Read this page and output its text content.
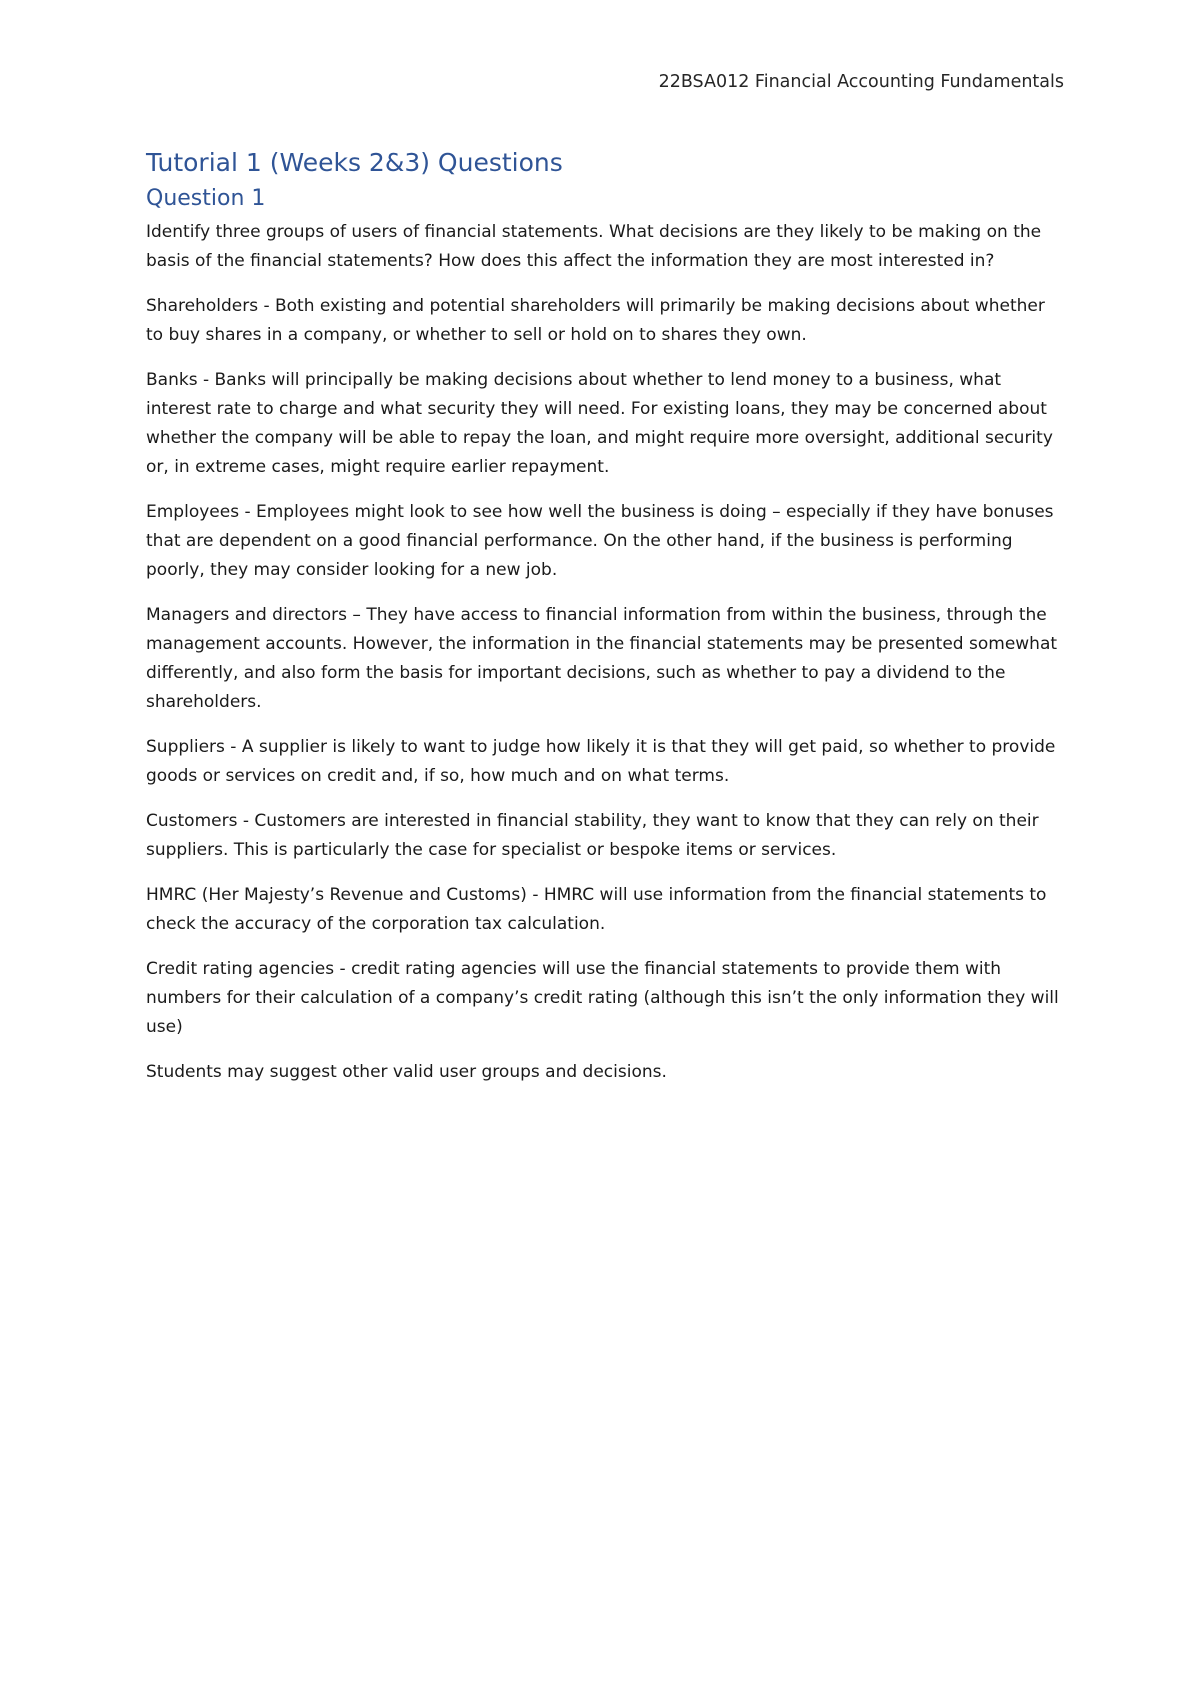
22BSA012 Financial Accounting Fundamentals
Tutorial 1 (Weeks 2&3) Questions
Question 1

Identify three groups of users of financial statements. What decisions are they likely to be making on the basis of the financial statements? How does this affect the information they are most interested in?

Shareholders - Both existing and potential shareholders will primarily be making decisions about whether to buy shares in a company, or whether to sell or hold on to shares they own.

Banks - Banks will principally be making decisions about whether to lend money to a business, what interest rate to charge and what security they will need. For existing loans, they may be concerned about whether the company will be able to repay the loan, and might require more oversight, additional security or, in extreme cases, might require earlier repayment.

Employees - Employees might look to see how well the business is doing – especially if they have bonuses that are dependent on a good financial performance. On the other hand, if the business is performing poorly, they may consider looking for a new job.

Managers and directors – They have access to financial information from within the business, through the management accounts. However, the information in the financial statements may be presented somewhat differently, and also form the basis for important decisions, such as whether to pay a dividend to the shareholders.

Suppliers - A supplier is likely to want to judge how likely it is that they will get paid, so whether to provide goods or services on credit and, if so, how much and on what terms.

Customers - Customers are interested in financial stability, they want to know that they can rely on their suppliers. This is particularly the case for specialist or bespoke items or services.

HMRC (Her Majesty’s Revenue and Customs) - HMRC will use information from the financial statements to check the accuracy of the corporation tax calculation.

Credit rating agencies - credit rating agencies will use the financial statements to provide them with numbers for their calculation of a company’s credit rating (although this isn’t the only information they will use)

Students may suggest other valid user groups and decisions.
